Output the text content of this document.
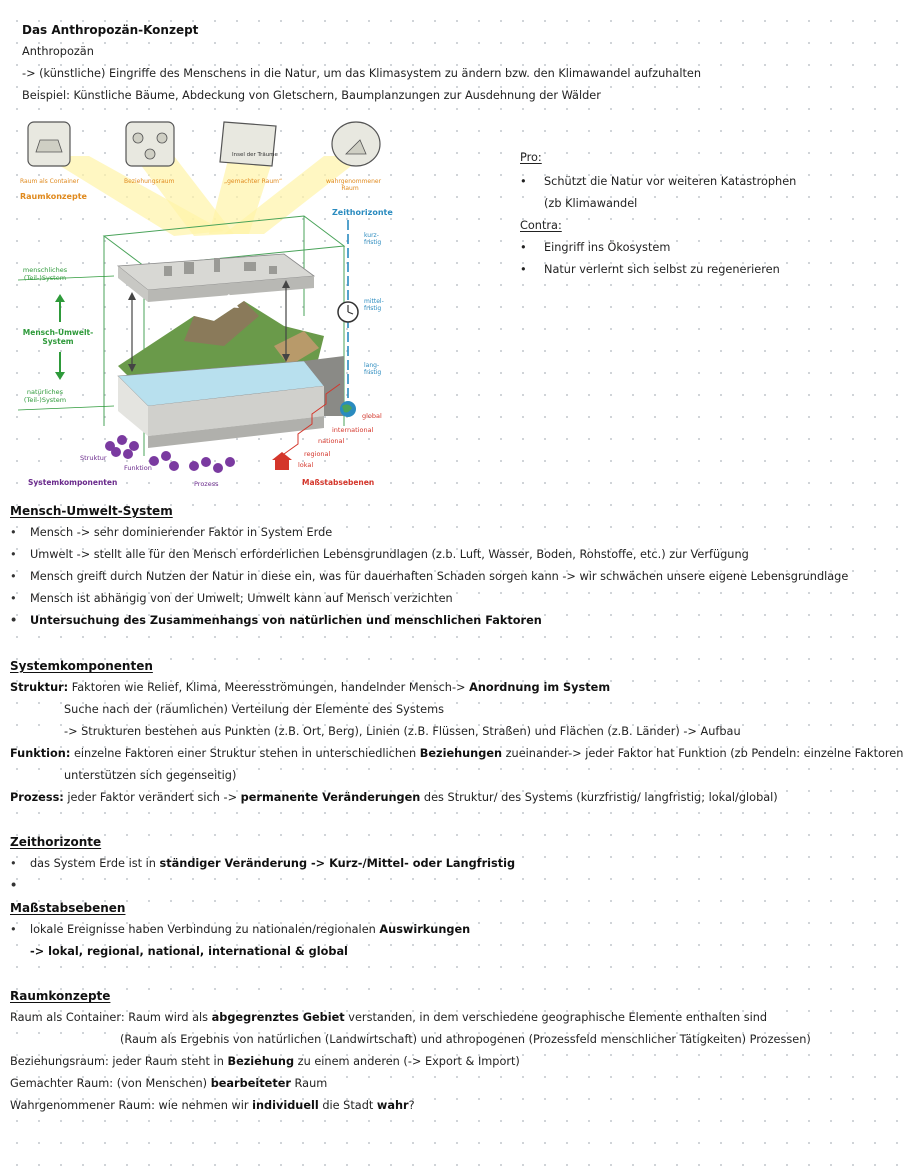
Das Anthropozän-Konzept
Anthropozän
-> (künstliche) Eingriffe des Menschens in die Natur, um das Klimasystem zu ändern bzw. den Klimawandel aufzuhalten
Beispiel: Künstliche Bäume, Abdeckung von Gletschern, Baumplanzungen zur Ausdehnung der Wälder
Insel der Träume
Raum als Container	Beziehungsraum	„gemachter Raum“	wahrgenommener Raum
Raumkonzepte
Zeithorizonte
kurz-
fristig
mittel-
fristig
lang-
fristig
menschliches (Teil-)System
Mensch-Umwelt-System
natürliches (Teil-)System
global
international
national
regional
lokal
Maßstabsebenen
Struktur
Funktion
Prozess
Systemkomponenten
Pro:
• Schützt die Natur vor weiteren Katastrophen
(zb Klimawandel
Contra:
• Eingriff ins Ökosystem
• Natur verlernt sich selbst zu regenerieren
Mensch-Umwelt-System
• Mensch -> sehr dominierender Faktor in System Erde
• Umwelt -> stellt alle für den Mensch erforderlichen Lebensgrundlagen (z.b. Luft, Wasser, Boden, Rohstoffe, etc.) zur Verfügung
• Mensch greift durch Nutzen der Natur in diese ein, was für dauerhaften Schaden sorgen kann -> wir schwächen unsere eigene Lebensgrundlage
• Mensch ist abhängig von der Umwelt; Umwelt kann auf Mensch verzichten
• Untersuchung des Zusammenhangs von natürlichen und menschlichen Faktoren
Systemkomponenten
Struktur: Faktoren wie Relief, Klima, Meeresströmungen, handelnder Mensch-> Anordnung im System
Suche nach der (räumlichen) Verteilung der Elemente des Systems
-> Strukturen bestehen aus Punkten (z.B. Ort, Berg), Linien (z.B. Flüssen, Straßen) und Flächen (z.B. Länder) -> Aufbau
Funktion: einzelne Faktoren einer Struktur stehen in unterschiedlichen Beziehungen zueinander-> jeder Faktor hat Funktion (zb Pendeln: einzelne Faktoren
unterstützen sich gegenseitig)
Prozess: jeder Faktor verändert sich -> permanente Veränderungen des Struktur/ des Systems (kurzfristig/ langfristig; lokal/global)
Zeithorizonte
• das System Erde ist in ständiger Veränderung -> Kurz-/Mittel- oder Langfristig
•
Maßstabsebenen
• lokale Ereignisse haben Verbindung zu nationalen/regionalen Auswirkungen
-> lokal, regional, national, international & global
Raumkonzepte
Raum als Container: Raum wird als abgegrenztes Gebiet verstanden, in dem verschiedene geographische Elemente enthalten sind
(Raum als Ergebnis von natürlichen (Landwirtschaft) und athropogenen (Prozessfeld menschlicher Tätigkeiten) Prozessen)
Beziehungsraum: jeder Raum steht in Beziehung zu einem anderen (-> Export & Import)
Gemachter Raum: (von Menschen) bearbeiteter Raum
Wahrgenommener Raum: wie nehmen wir individuell die Stadt wahr?
